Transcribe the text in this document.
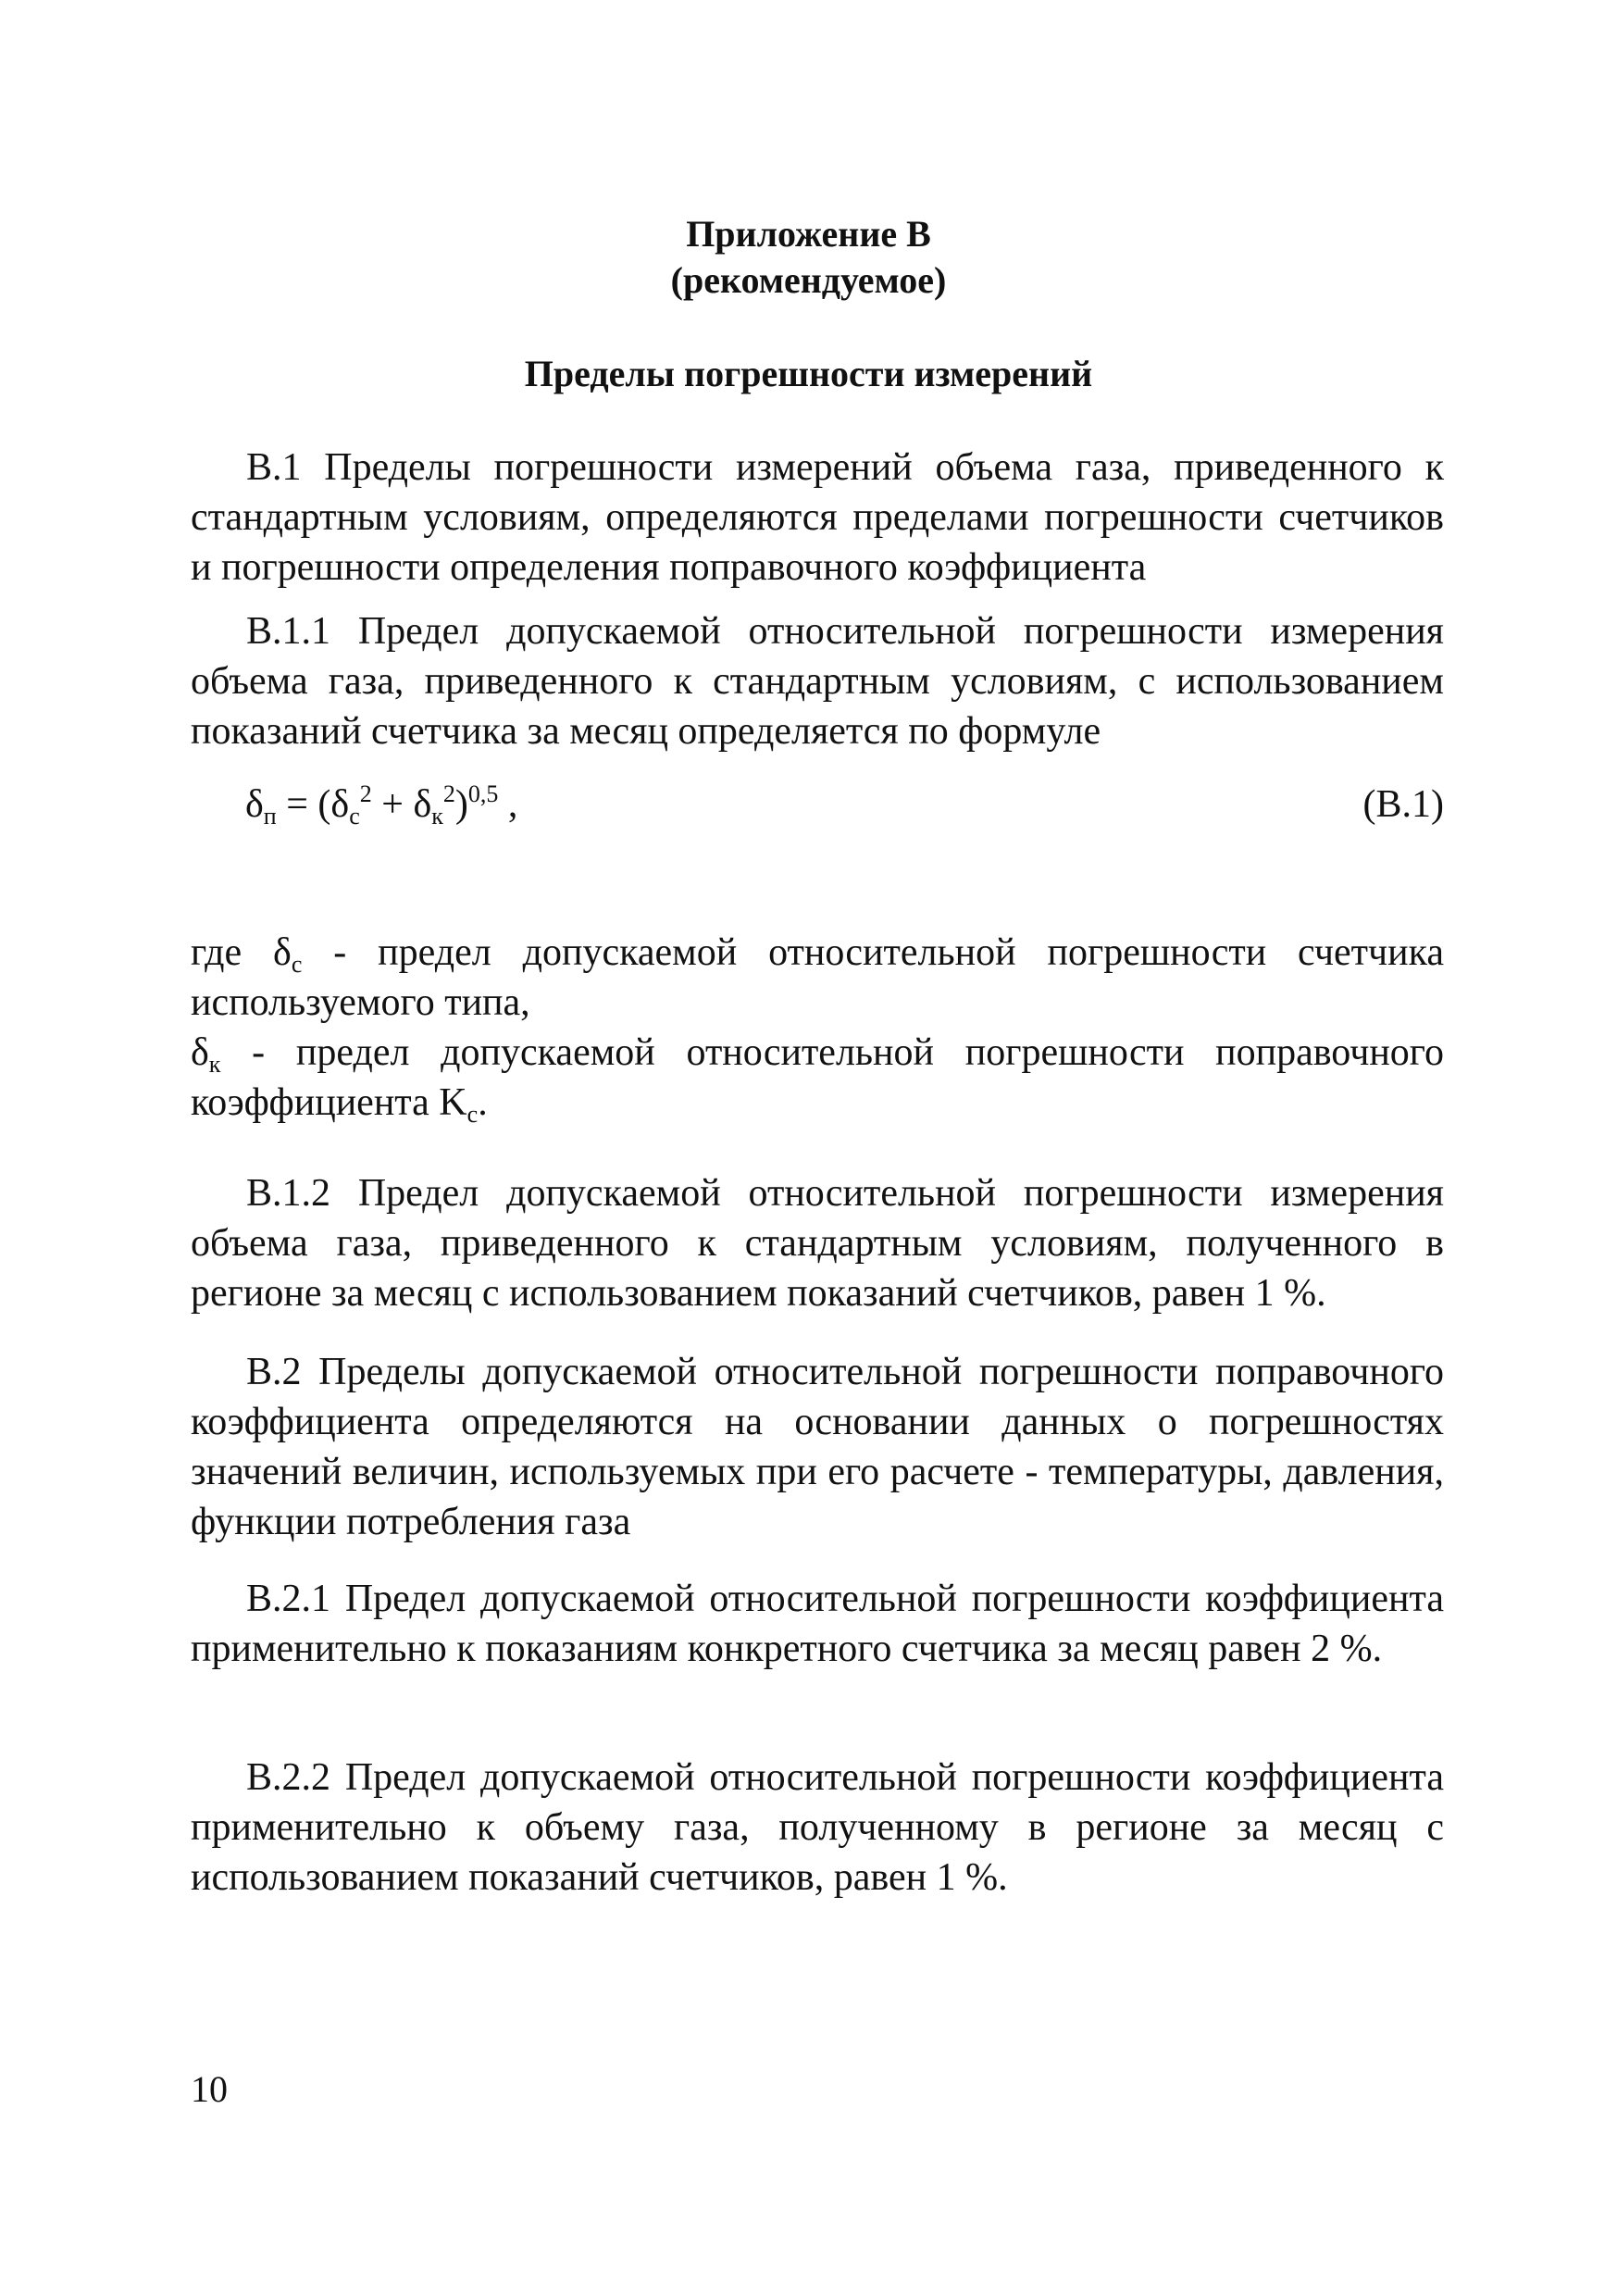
Приложение В
(рекомендуемое)
Пределы погрешности измерений
В.1 Пределы погрешности измерений объема газа, приведенного к стандартным условиям, определяются пределами погрешности счетчиков и погрешности определения поправочного коэффициента
В.1.1 Предел допускаемой относительной погрешности измерения объема газа, приведенного к стандартным условиям, с использованием показаний счетчика за месяц определяется по формуле
$\delta_п = (\delta_с^2 + \delta_к^2)^{0,5}$ ,	(В.1)
где $\delta_с$ - предел допускаемой относительной погрешности счетчика используемого типа,
$\delta_к$ - предел допускаемой относительной погрешности поправочного коэффициента $K_с$.
В.1.2 Предел допускаемой относительной погрешности измерения объема газа, приведенного к стандартным условиям, полученного в регионе за месяц с использованием показаний счетчиков, равен 1 %.
В.2 Пределы допускаемой относительной погрешности поправочного коэффициента определяются на основании данных о погрешностях значений величин, используемых при его расчете - температуры, давления, функции потребления газа
В.2.1 Предел допускаемой относительной погрешности коэффициента применительно к показаниям конкретного счетчика за месяц равен 2 %.
В.2.2 Предел допускаемой относительной погрешности коэффициента применительно к объему газа, полученному в регионе за месяц с использованием показаний счетчиков, равен 1 %.
10
